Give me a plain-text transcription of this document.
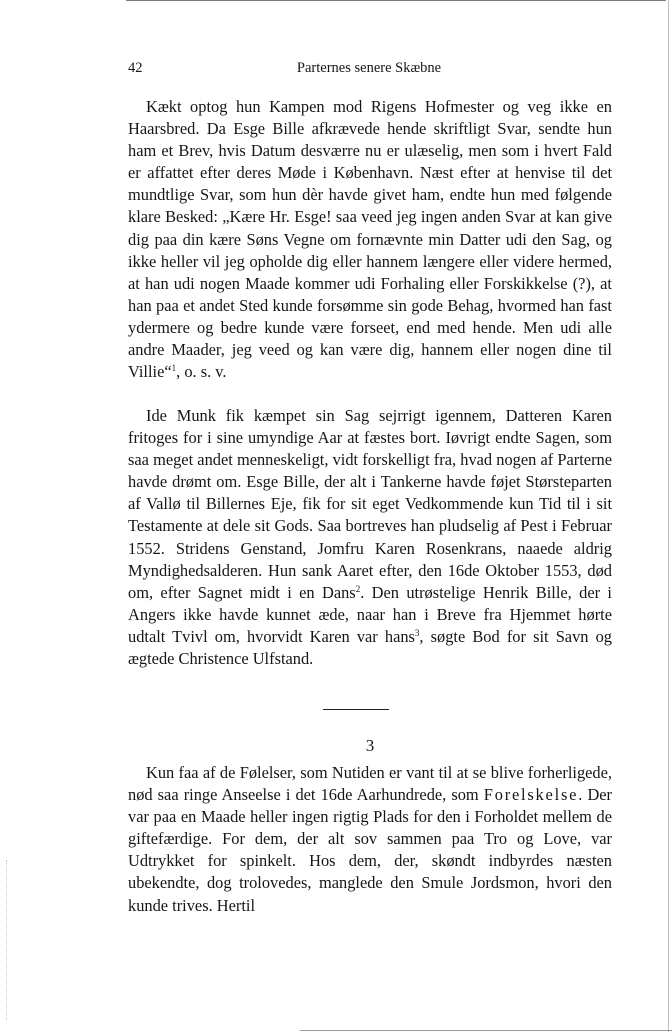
42	Parternes senere Skæbne

Kækt optog hun Kampen mod Rigens Hofmester og veg ikke en Haarsbred. Da Esge Bille afkrævede hende skriftligt Svar, sendte hun ham et Brev, hvis Datum desværre nu er ulæselig, men som i hvert Fald er affattet efter deres Møde i København. Næst efter at henvise til det mundtlige Svar, som hun dèr havde givet ham, endte hun med følgende klare Besked: „Kære Hr. Esge! saa veed jeg ingen anden Svar at kan give dig paa din kære Søns Vegne om fornævnte min Datter udi den Sag, og ikke heller vil jeg opholde dig eller hannem længere eller videre hermed, at han udi nogen Maade kommer udi Forhaling eller Forskikkelse (?), at han paa et andet Sted kunde forsømme sin gode Behag, hvormed han fast ydermere og bedre kunde være forseet, end med hende. Men udi alle andre Maader, jeg veed og kan være dig, hannem eller nogen dine til Villie“$^1$, o. s. v.

Ide Munk fik kæmpet sin Sag sejrrigt igennem, Datteren Karen fritoges for i sine umyndige Aar at fæstes bort. Iøvrigt endte Sagen, som saa meget andet menneskeligt, vidt forskelligt fra, hvad nogen af Parterne havde drømt om. Esge Bille, der alt i Tankerne havde føjet Størsteparten af Vallø til Billernes Eje, fik for sit eget Vedkommende kun Tid til i sit Testamente at dele sit Gods. Saa bortreves han pludselig af Pest i Februar 1552. Stridens Genstand, Jomfru Karen Rosenkrans, naaede aldrig Myndighedsalderen. Hun sank Aaret efter, den 16de Oktober 1553, død om, efter Sagnet midt i en Dans$^2$. Den utrøstelige Henrik Bille, der i Angers ikke havde kunnet æde, naar han i Breve fra Hjemmet hørte udtalt Tvivl om, hvorvidt Karen var hans$^3$, søgte Bod for sit Savn og ægtede Christence Ulfstand.

3

Kun faa af de Følelser, som Nutiden er vant til at se blive forherligede, nød saa ringe Anseelse i det 16de Aarhundrede, som Forelskelse. Der var paa en Maade heller ingen rigtig Plads for den i Forholdet mellem de giftefærdige. For dem, der alt sov sammen paa Tro og Love, var Udtrykket for spinkelt. Hos dem, der, skøndt indbyrdes næsten ubekendte, dog trolovedes, manglede den Smule Jordsmon, hvori den kunde trives. Hertil
